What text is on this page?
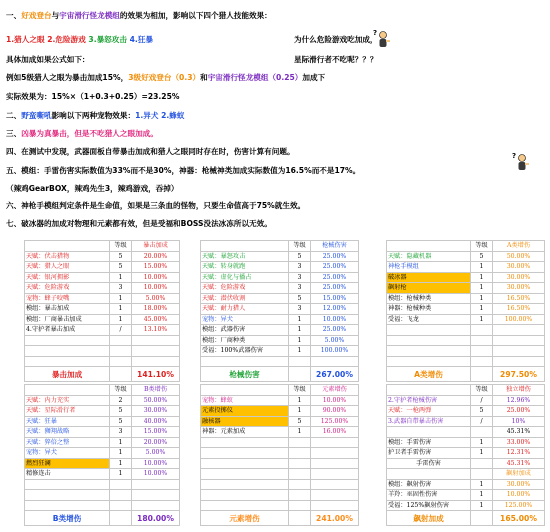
一、好戏登台与宇宙滑行怪龙模组的效果为相加，影响以下四个猎人技能效果：
1.猎人之眼 2.危险游戏 3.暴怒攻击 4.狂暴	为什么危险游戏吃加成，
具体加成如果公式如下：	星际滑行者不吃呢？？？
例如5级猎人之眼为暴击加成15%，3级好戏登台（0.3）和宇宙滑行怪龙模组（0.25）加成下
实际效果为：15%×（1+0.3+0.25）=23.25%
二、野蛮嘶吼影响以下两种宠物效果：1.异犬 2.蜂蚁
三、凶暴为真暴击，但是不吃猎人之眼加成。
四、在测试中发现，武器面板自带暴击加成和猎人之眼同时存在时，伤害计算有问题。
五、模组：手雷伤害实际数值为33%而不是30%，神器：枪械神类加成实际数值为16.5%而不是17%。
（辣鸡GearBOX，辣鸡先生3，辣鸡游戏，吞掉）
六、神枪手模组判定条件是生命值，如果是三条血的怪物，只要生命值高于75%就生效。
七、破冰器的加成对物理和元素都有效，但是受福和BOSS没法冰冻所以无效。
?
?
	等级	暴击加成
天赋：伏击猎物	5	20.00%
天赋：猎人之眼	5	15.00%
天赋：银河拥影	1	10.00%
天赋：危险游戏	3	10.00%
宠物：蜂子咬嘴	1	5.00%
模组：暴击加成	1	18.00%
模组：厂商暴击加成	1	45.00%
4.守护者暴击加成	/	13.10%

暴击加成		141.10%
	等级	枪械伤害
天赋：暴怒攻击	5	25.00%
天赋：转身就跑	3	25.00%
天赋：虚化与播占	3	25.00%
天赋：危险游戏	3	25.00%
天赋：潜伏收割	5	15.00%
天赋：耐力猎人	3	12.00%
宠物：异犬	1	10.00%
模组：武器伤害	1	25.00%
模组：厂商种类	1	5.00%
受福：100%武器伤害	1	100.00%

枪械伤害		267.00%
	等级	A类增伤
天赋：隐藏机器	5	50.00%
神枪手模组	1	30.00%
破冰器	1	30.00%
飙射枪	1	30.00%
模组：枪械种类	1	16.50%
神器：枪械种类	1	16.50%
受福：飞龙	1	100.00%

A类增伤		297.50%
	等级	B类增伤
天赋：内力充实	2	50.00%
天赋：星际滑行者	5	30.00%
天赋：狂暴	5	40.00%
天赋：狮翔战略	3	15.00%
天赋：猝倍之整	1	20.00%
宠物：异犬	1	5.00%
燃烈狂澜	1	10.00%
精修连击	1	10.00%

B类增伤		180.00%
	等级	元素增伤
宠物：蜂蚁	1	10.00%
元素投掷仪	1	90.00%
融核器	5	125.00%
神器：元素加成	1	16.00%

元素增伤		241.00%
	等级	独立增伤
2.守护者枪械伤害	/	12.96%
天赋：一枪两弹	5	25.00%
3.武器自带暴击伤害	/	10%
		45.31%
模组：手雷伤害	1	33.00%
护卫者手雷伤害	1	12.31%
手雷伤害		45.31%
		飙射加成
模组：飙射伤害	1	30.00%
羊羚：巫固性伤害	1	10.00%
受福：125%飙射伤害	1	125.00%
飙射加成		165.00%
